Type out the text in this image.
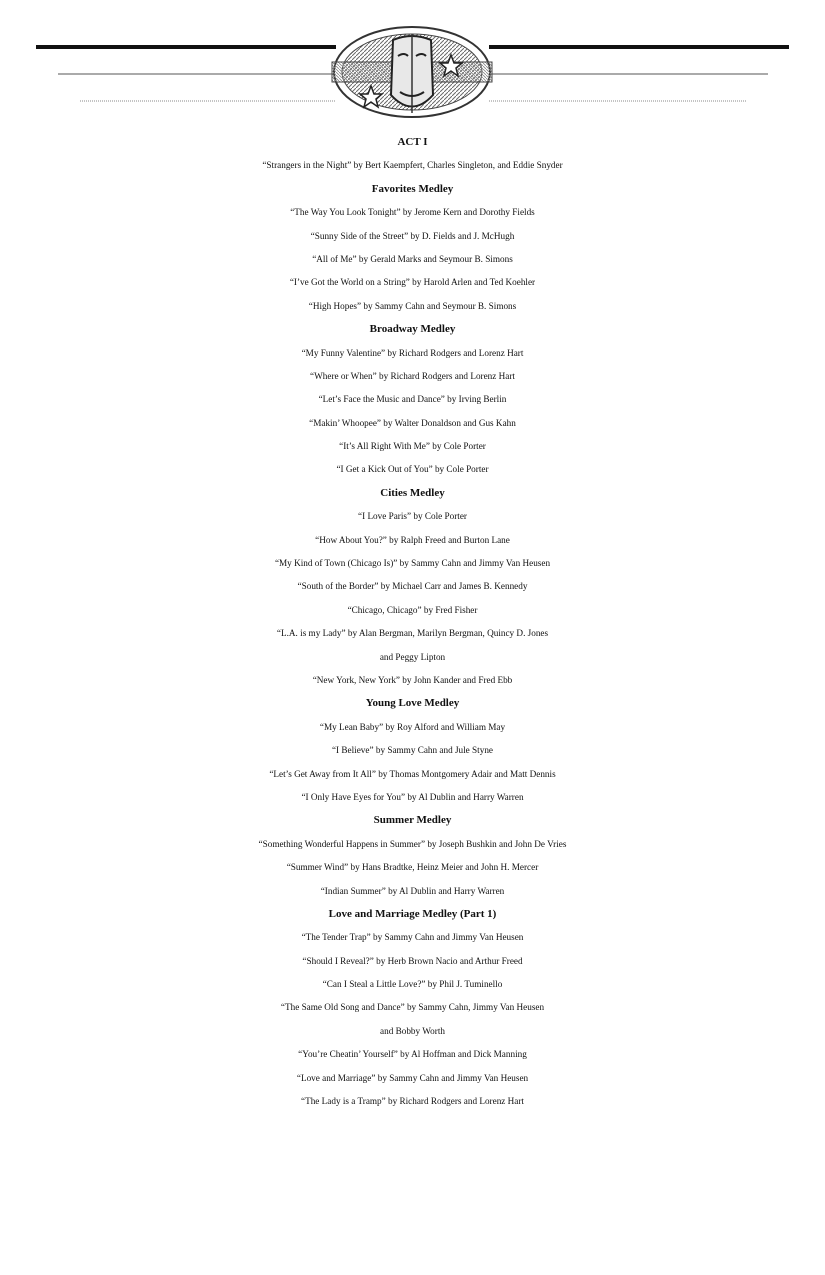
ACT I
“Strangers in the Night” by Bert Kaempfert, Charles Singleton, and Eddie Snyder
Favorites Medley
“The Way You Look Tonight” by Jerome Kern and Dorothy Fields
“Sunny Side of the Street” by D. Fields and J. McHugh
“All of Me” by Gerald Marks and Seymour B. Simons
“I’ve Got the World on a String” by Harold Arlen and Ted Koehler
“High Hopes” by Sammy Cahn and Seymour B. Simons
Broadway Medley
“My Funny Valentine” by Richard Rodgers and Lorenz Hart
“Where or When” by Richard Rodgers and Lorenz Hart
“Let’s Face the Music and Dance” by Irving Berlin
“Makin’ Whoopee” by Walter Donaldson and Gus Kahn
“It’s All Right With Me” by Cole Porter
“I Get a Kick Out of You” by Cole Porter
Cities Medley
“I Love Paris” by Cole Porter
“How About You?” by Ralph Freed and Burton Lane
“My Kind of Town (Chicago Is)” by Sammy Cahn and Jimmy Van Heusen
“South of the Border” by Michael Carr and James B. Kennedy
“Chicago, Chicago” by Fred Fisher
“L.A. is my Lady” by Alan Bergman, Marilyn Bergman, Quincy D. Jones
and Peggy Lipton
“New York, New York” by John Kander and Fred Ebb
Young Love Medley
“My Lean Baby” by Roy Alford and William May
“I Believe” by Sammy Cahn and Jule Styne
“Let’s Get Away from It All” by Thomas Montgomery Adair and Matt Dennis
“I Only Have Eyes for You” by Al Dublin and Harry Warren
Summer Medley
“Something Wonderful Happens in Summer” by Joseph Bushkin and John De Vries
“Summer Wind” by Hans Bradtke, Heinz Meier and John H. Mercer
“Indian Summer” by Al Dublin and Harry Warren
Love and Marriage Medley (Part 1)
“The Tender Trap” by Sammy Cahn and Jimmy Van Heusen
“Should I Reveal?” by Herb Brown Nacio and Arthur Freed
“Can I Steal a Little Love?” by Phil J. Tuminello
“The Same Old Song and Dance” by Sammy Cahn, Jimmy Van Heusen
and Bobby Worth
“You’re Cheatin’ Yourself” by Al Hoffman and Dick Manning
“Love and Marriage” by Sammy Cahn and Jimmy Van Heusen
“The Lady is a Tramp” by Richard Rodgers and Lorenz Hart
